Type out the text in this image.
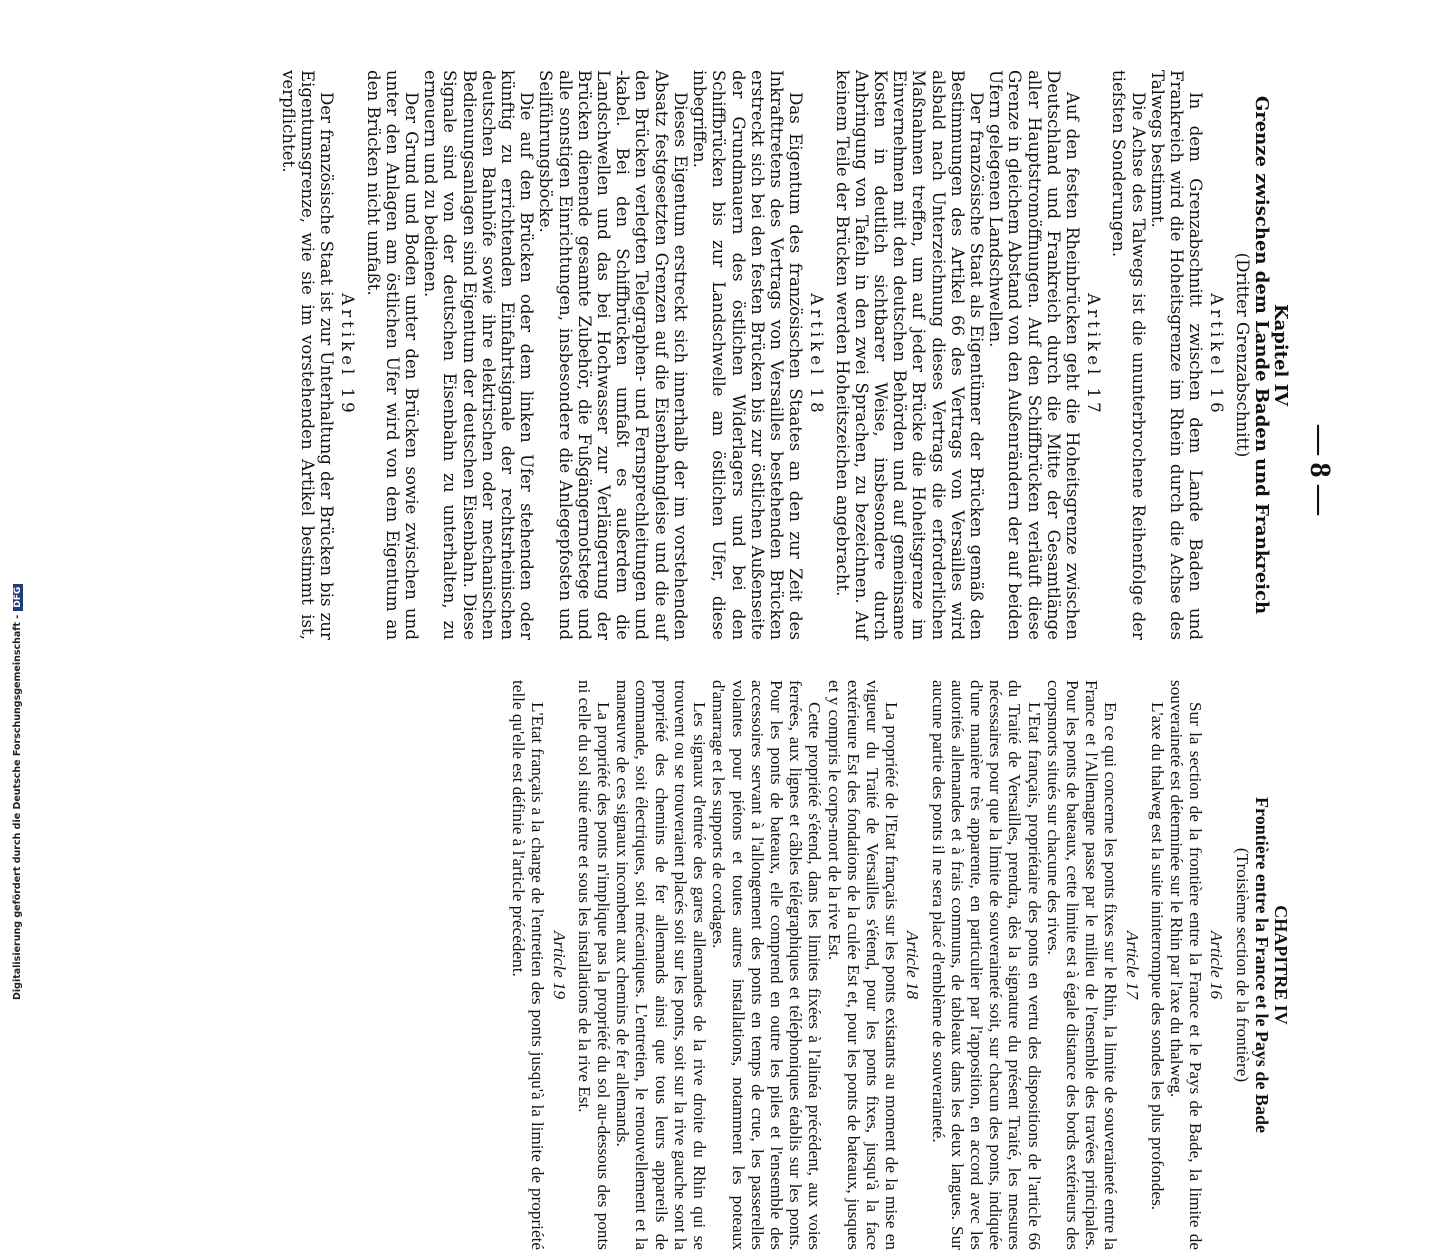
— 8 —

Kapitel IV

Grenze zwischen dem Lande Baden und Frankreich

(Dritter Grenzabschnitt)

Artikel 16

In dem Grenzabschnitt zwischen dem Lande Baden und Frankreich wird die Hoheitsgrenze im Rhein durch die Achse des Talwegs bestimmt.

Die Achse des Talwegs ist die ununterbrochene Reihenfolge der tiefsten Sonderungen.

Artikel 17

Auf den festen Rheinbrücken geht die Hoheitsgrenze zwischen Deutschland und Frankreich durch die Mitte der Gesamtlänge aller Hauptstromöffnungen. Auf den Schiffbrücken verläuft diese Grenze in gleichem Abstand von den Außenrändern der auf beiden Ufern gelegenen Landschwellen.

Der französische Staat als Eigentümer der Brücken gemäß den Bestimmungen des Artikel 66 des Vertrags von Versailles wird alsbald nach Unterzeichnung dieses Vertrags die erforderlichen Maßnahmen treffen, um auf jeder Brücke die Hoheitsgrenze im Einvernehmen mit den deutschen Behörden und auf gemeinsame Kosten in deutlich sichtbarer Weise, insbesondere durch Anbringung von Tafeln in den zwei Sprachen, zu bezeichnen. Auf keinem Teile der Brücken werden Hoheitszeichen angebracht.

Artikel 18

Das Eigentum des französischen Staates an den zur Zeit des Inkrafttretens des Vertrags von Versailles bestehenden Brücken erstreckt sich bei den festen Brücken bis zur östlichen Außenseite der Grundmauern des östlichen Widerlagers und bei den Schiffbrücken bis zur Landschwelle am östlichen Ufer, diese inbegriffen.

Dieses Eigentum erstreckt sich innerhalb der im vorstehenden Absatz festgesetzten Grenzen auf die Eisenbahngleise und die auf den Brücken verlegten Telegraphen- und Fernsprechleitungen und -kabel. Bei den Schiffbrücken umfaßt es außerdem die Landschwellen und das bei Hochwasser zur Verlängerung der Brücken dienende gesamte Zubehör, die Fußgängernotstege und alle sonstigen Einrichtungen, insbesondere die Anlegepfosten und Seilführungsböcke.

Die auf den Brücken oder dem linken Ufer stehenden oder künftig zu errichtenden Einfahrtsignale der rechtsrheinischen deutschen Bahnhöfe sowie ihre elektrischen oder mechanischen Bedienungsanlagen sind Eigentum der deutschen Eisenbahn. Diese Signale sind von der deutschen Eisenbahn zu unterhalten, zu erneuern und zu bedienen.

Der Grund und Boden unter den Brücken sowie zwischen und unter den Anlagen am östlichen Ufer wird von dem Eigentum an den Brücken nicht umfaßt.

Artikel 19

Der französische Staat ist zur Unterhaltung der Brücken bis zur Eigentumsgrenze, wie sie im vorstehenden Artikel bestimmt ist, verpflichtet.

CHAPITRE IV

Frontière entre la France et le Pays de Bade

(Troisième section de la frontière)

Article 16

Sur la section de la frontière entre la France et le Pays de Bade, la limite de souveraineté est déterminée sur le Rhin par l'axe du thalweg.

L'axe du thalweg est la suite ininterrompue des sondes les plus profondes.

Article 17

En ce qui concerne les ponts fixes sur le Rhin, la limite de souveraineté entre la France et l'Allemagne passe par le milieu de l'ensemble des travées principales. Pour les ponts de bateaux, cette limite est à égale distance des bords extérieurs des corpsmorts situés sur chacune des rives.

L'Etat français, propriétaire des ponts en vertu des dispositions de l'article 66 du Traité de Versailles, prendra, dès la signature du présent Traité, les mesures nécessaires pour que la limite de souveraineté soit, sur chacun des ponts, indiquée d'une manière très apparente, en particulier par l'apposition, en accord avec les autorités allemandes et à frais communs, de tableaux dans les deux langues. Sur aucune partie des ponts il ne sera placé d'emblème de souveraineté.

Article 18

La propriété de l'Etat français sur les ponts existants au moment de la mise en vigueur du Traité de Versailles s'étend, pour les ponts fixes, jusqu'à la face extérieure Est des fondations de la culée Est et, pour les ponts de bateaux, jusques et y compris le corps-mort de la rive Est.

Cette propriété s'étend, dans les limites fixées à l'alinéa précédent, aux voies ferrées, aux lignes et câbles télégraphiques et téléphoniques établis sur les ponts. Pour les ponts de bateaux, elle comprend en outre les piles et l'ensemble des accessoires servant à l'allongement des ponts en temps de crue, les passerelles volantes pour piétons et toutes autres installations, notamment les poteaux d'amarrage et les supports de cordages.

Les signaux d'entrée des gares allemandes de la rive droite du Rhin qui se trouvent ou se trouveraient placés soit sur les ponts, soit sur la rive gauche sont la propriété des chemins de fer allemands ainsi que tous leurs appareils de commande, soit électriques, soit mécaniques. L'entretien, le renouvellement et la manœuvre de ces signaux incombent aux chemins de fer allemands.

La propriété des ponts n'implique pas la propriété du sol au-dessous des ponts ni celle du sol situé entre et sous les installations de la rive Est.

Article 19

L'Etat français a la charge de l'entretien des ponts jusqu'à la limite de propriété telle qu'elle est définie à l'article précédent.

Digitalisierung gefördert durch die Deutsche Forschungsgemeinschaft -DFG
